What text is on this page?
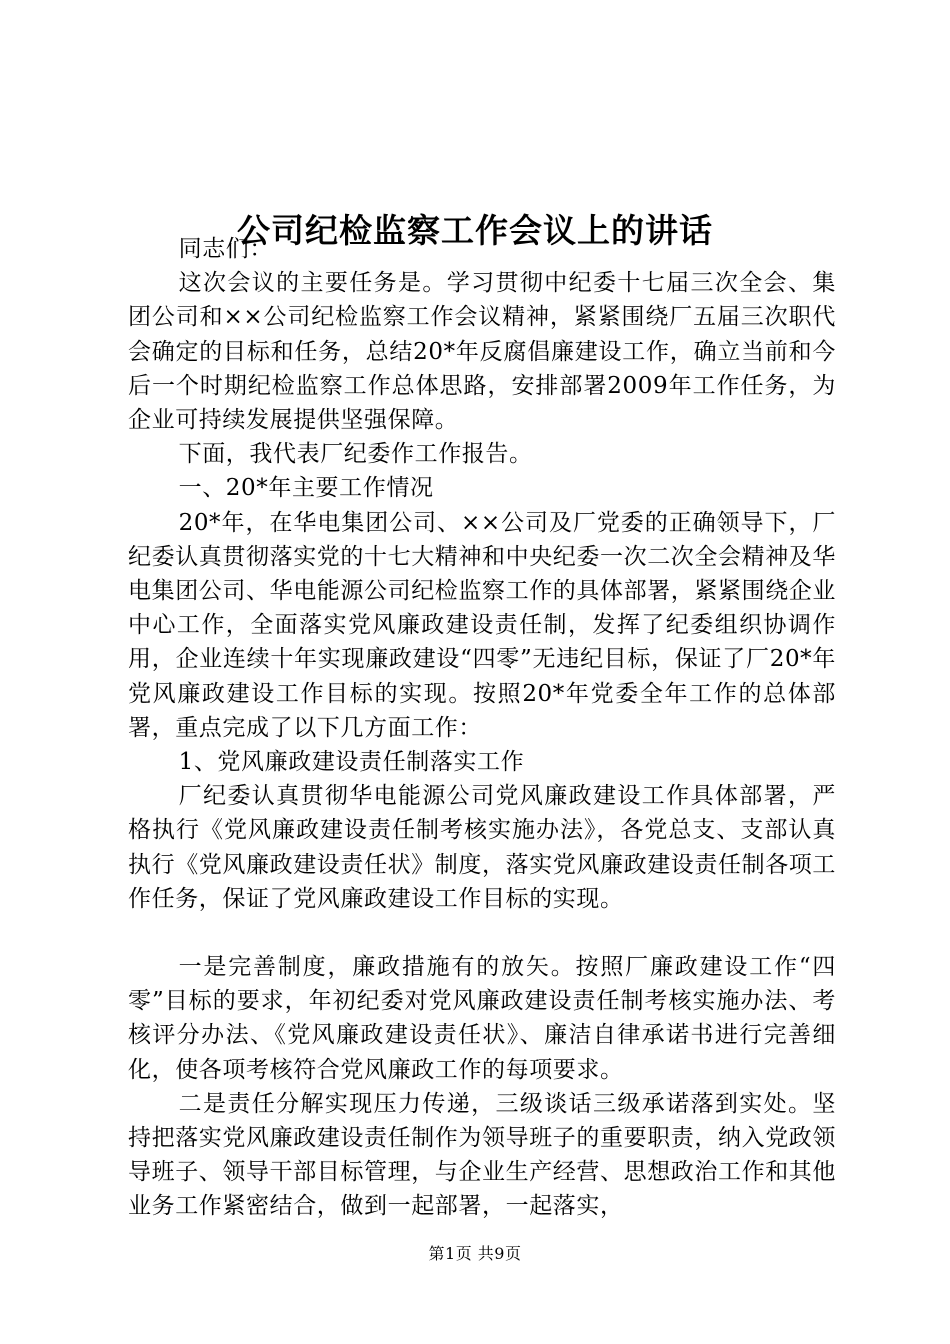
公司纪检监察工作会议上的讲话

同志们：

这次会议的主要任务是。学习贯彻中纪委十七届三次全会、集团公司和××公司纪检监察工作会议精神，紧紧围绕厂五届三次职代会确定的目标和任务，总结20*年反腐倡廉建设工作，确立当前和今后一个时期纪检监察工作总体思路，安排部署2009年工作任务，为企业可持续发展提供坚强保障。

下面，我代表厂纪委作工作报告。

一、20*年主要工作情况

20*年，在华电集团公司、××公司及厂党委的正确领导下，厂纪委认真贯彻落实党的十七大精神和中央纪委一次二次全会精神及华电集团公司、华电能源公司纪检监察工作的具体部署，紧紧围绕企业中心工作，全面落实党风廉政建设责任制，发挥了纪委组织协调作用，企业连续十年实现廉政建设“四零”无违纪目标，保证了厂20*年党风廉政建设工作目标的实现。按照20*年党委全年工作的总体部署，重点完成了以下几方面工作：

1、党风廉政建设责任制落实工作

厂纪委认真贯彻华电能源公司党风廉政建设工作具体部署，严格执行《党风廉政建设责任制考核实施办法》，各党总支、支部认真执行《党风廉政建设责任状》制度，落实党风廉政建设责任制各项工作任务，保证了党风廉政建设工作目标的实现。

一是完善制度，廉政措施有的放矢。按照厂廉政建设工作“四零”目标的要求，年初纪委对党风廉政建设责任制考核实施办法、考核评分办法、《党风廉政建设责任状》、廉洁自律承诺书进行完善细化，使各项考核符合党风廉政工作的每项要求。

二是责任分解实现压力传递，三级谈话三级承诺落到实处。坚持把落实党风廉政建设责任制作为领导班子的重要职责，纳入党政领导班子、领导干部目标管理，与企业生产经营、思想政治工作和其他业务工作紧密结合，做到一起部署，一起落实，

第1页 共9页
